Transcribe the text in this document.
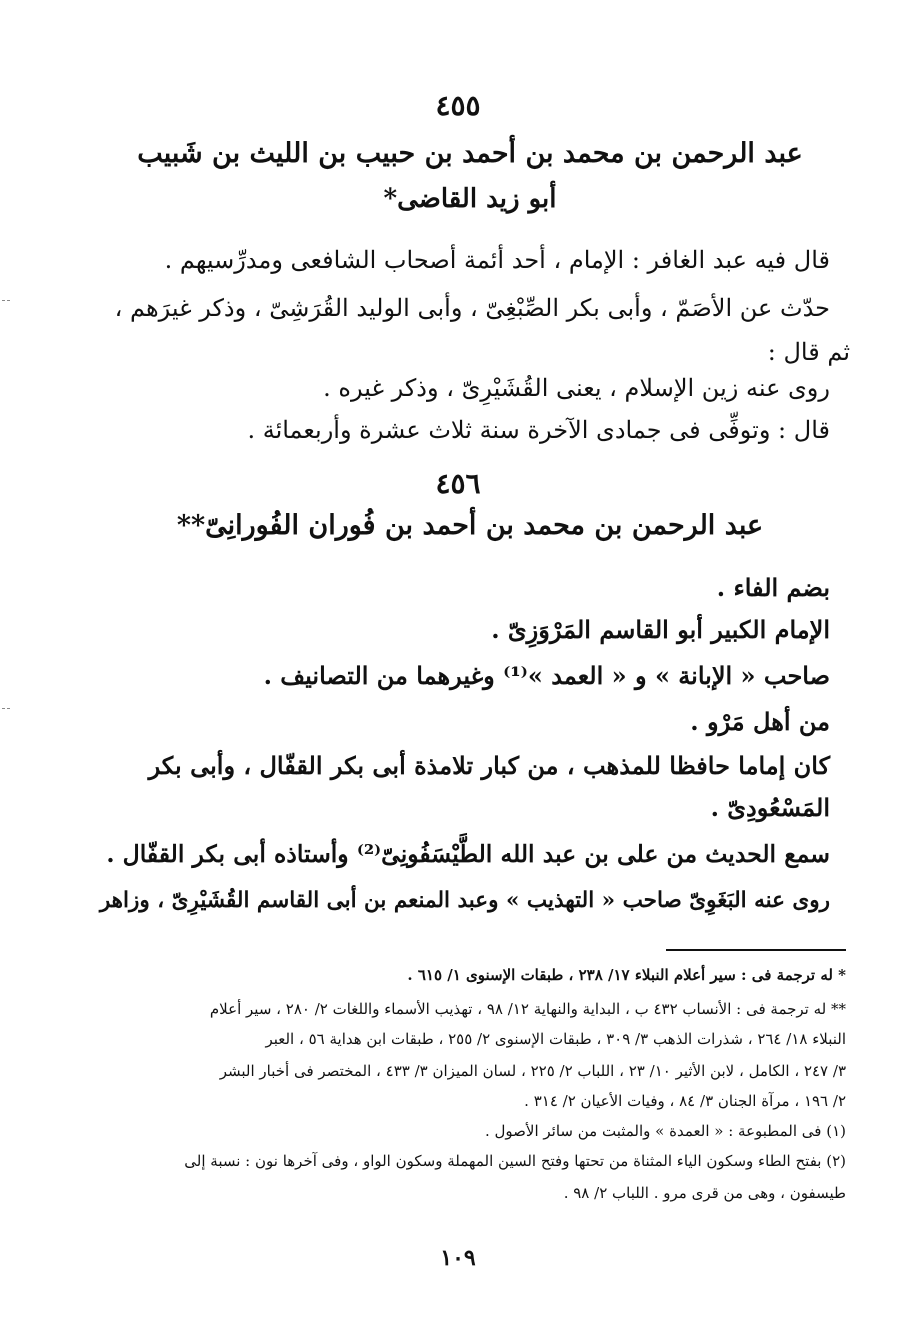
٤٥٥
عبد الرحمن بن محمد بن أحمد بن حبيب بن الليث بن شَبيب
أبو زيد القاضى*
قال فيه عبد الغافر : الإمام ، أحد أئمة أصحاب الشافعى ومدرِّسيهم .
حدّث عن الأصَمّ ، وأبى بكر الصِّبْغِىّ ، وأبى الوليد القُرَشِىّ ، وذكر غيرَهم ،
ثم قال :
روى عنه زين الإسلام ، يعنى القُشَيْرِىّ ، وذكر غيره .
قال : وتوفِّى فى جمادى الآخرة سنة ثلاث عشرة وأربعمائة .
٤٥٦
عبد الرحمن بن محمد بن أحمد بن فُوران الفُورانِىّ**
بضم الفاء .
الإمام الكبير أبو القاسم المَرْوَزِىّ .
صاحب « الإبانة » و « العمد »⁽¹⁾ وغيرهما من التصانيف .
من أهل مَرْو .
كان إماما حافظا للمذهب ، من كبار تلامذة أبى بكر القفّال ، وأبى بكر
المَسْعُودِىّ .
سمع الحديث من على بن عبد الله الطَّيْسَفُونِىّ⁽²⁾ وأستاذه أبى بكر القفّال .
روى عنه البَغَوِىّ صاحب « التهذيب » وعبد المنعم بن أبى القاسم القُشَيْرِىّ ، وزاهر
* له ترجمة فى : سير أعلام النبلاء ١٧/ ٢٣٨ ، طبقات الإسنوى ١/ ٦١٥ .
** له ترجمة فى : الأنساب ٤٣٢ ب ، البداية والنهاية ١٢/ ٩٨ ، تهذيب الأسماء واللغات ٢/ ٢٨٠ ، سير أعلام
النبلاء ١٨/ ٢٦٤ ، شذرات الذهب ٣/ ٣٠٩ ، طبقات الإسنوى ٢/ ٢٥٥ ، طبقات ابن هداية ٥٦ ، العبر
٣/ ٢٤٧ ، الكامل ، لابن الأثير ١٠/ ٢٣ ، اللباب ٢/ ٢٢٥ ، لسان الميزان ٣/ ٤٣٣ ، المختصر فى أخبار البشر
٢/ ١٩٦ ، مرآة الجنان ٣/ ٨٤ ، وفيات الأعيان ٢/ ٣١٤ .
(١) فى المطبوعة : « العمدة » والمثبت من سائر الأصول .
(٢) بفتح الطاء وسكون الياء المثناة من تحتها وفتح السين المهملة وسكون الواو ، وفى آخرها نون : نسبة إلى
طيسفون ، وهى من قرى مرو . اللباب ٢/ ٩٨ .
١٠٩
